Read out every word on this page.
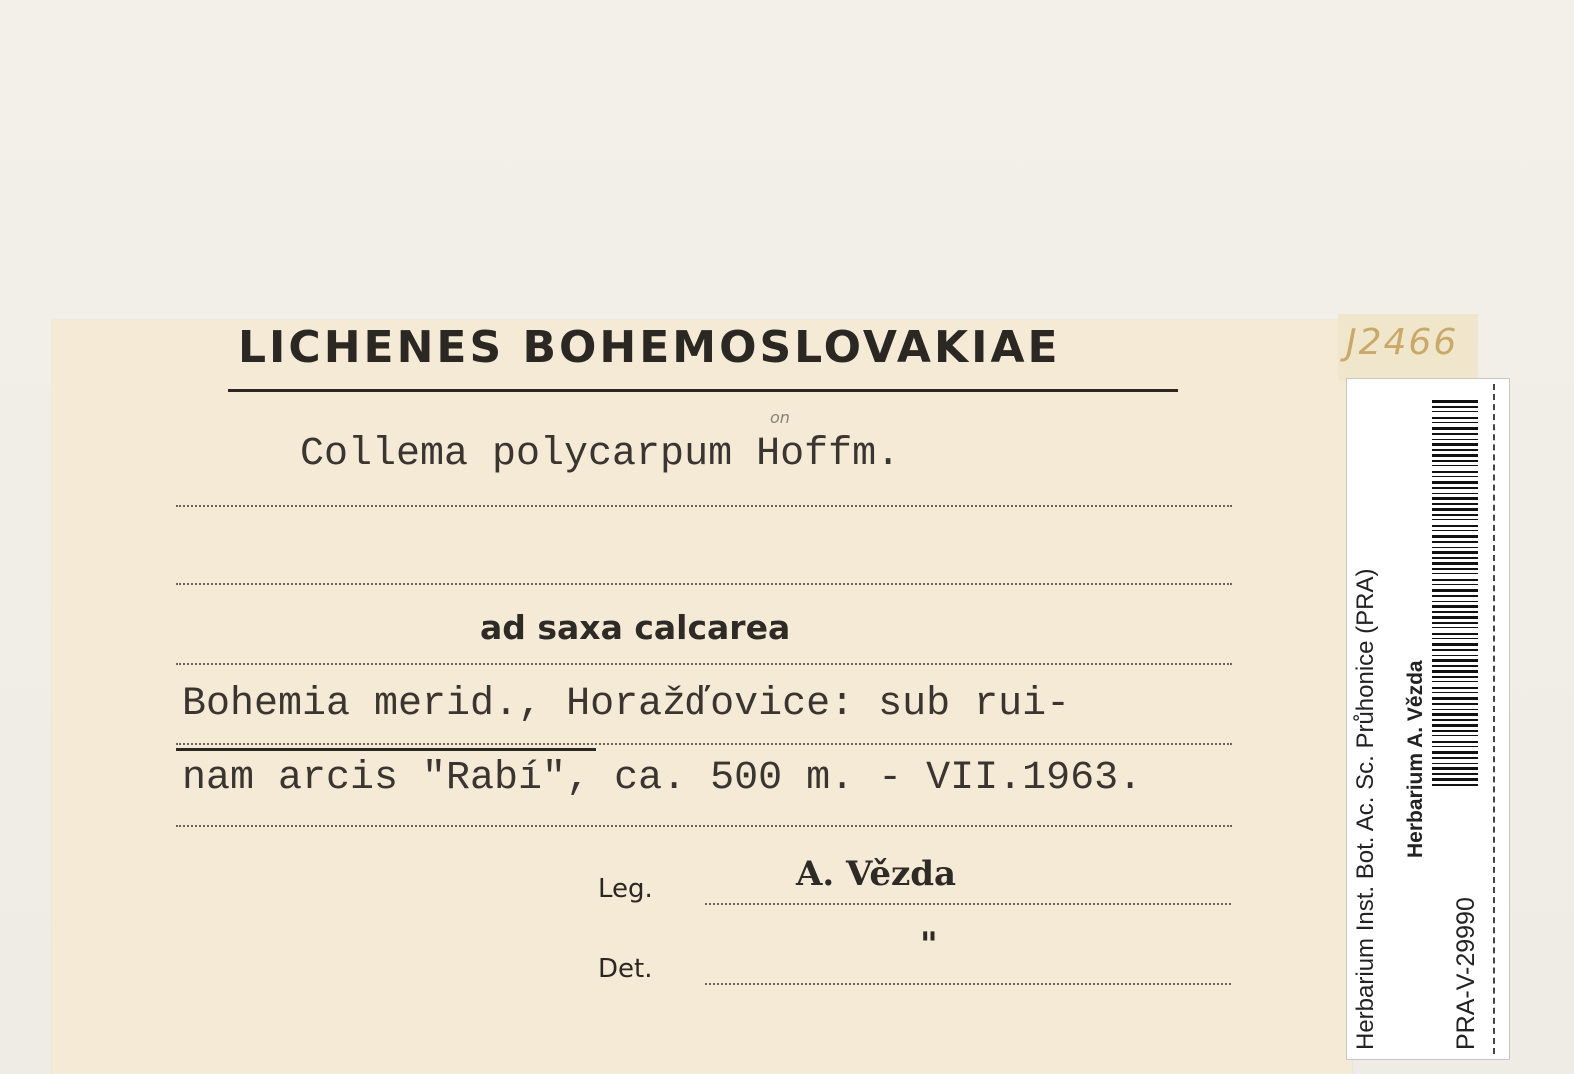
LICHENES BOHEMOSLOVAKIAE
on
Collema polycarpum Hoffm.
ad saxa calcarea
Bohemia merid., Horažďovice: sub rui-
nam arcis "Rabí", ca. 500 m. - VII.1963.
Leg.	A. Vězda
Det.
"
J2466
Herbarium Inst. Bot. Ac. Sc. Průhonice (PRA) Herbarium A. Vězda
PRA-V-29990
